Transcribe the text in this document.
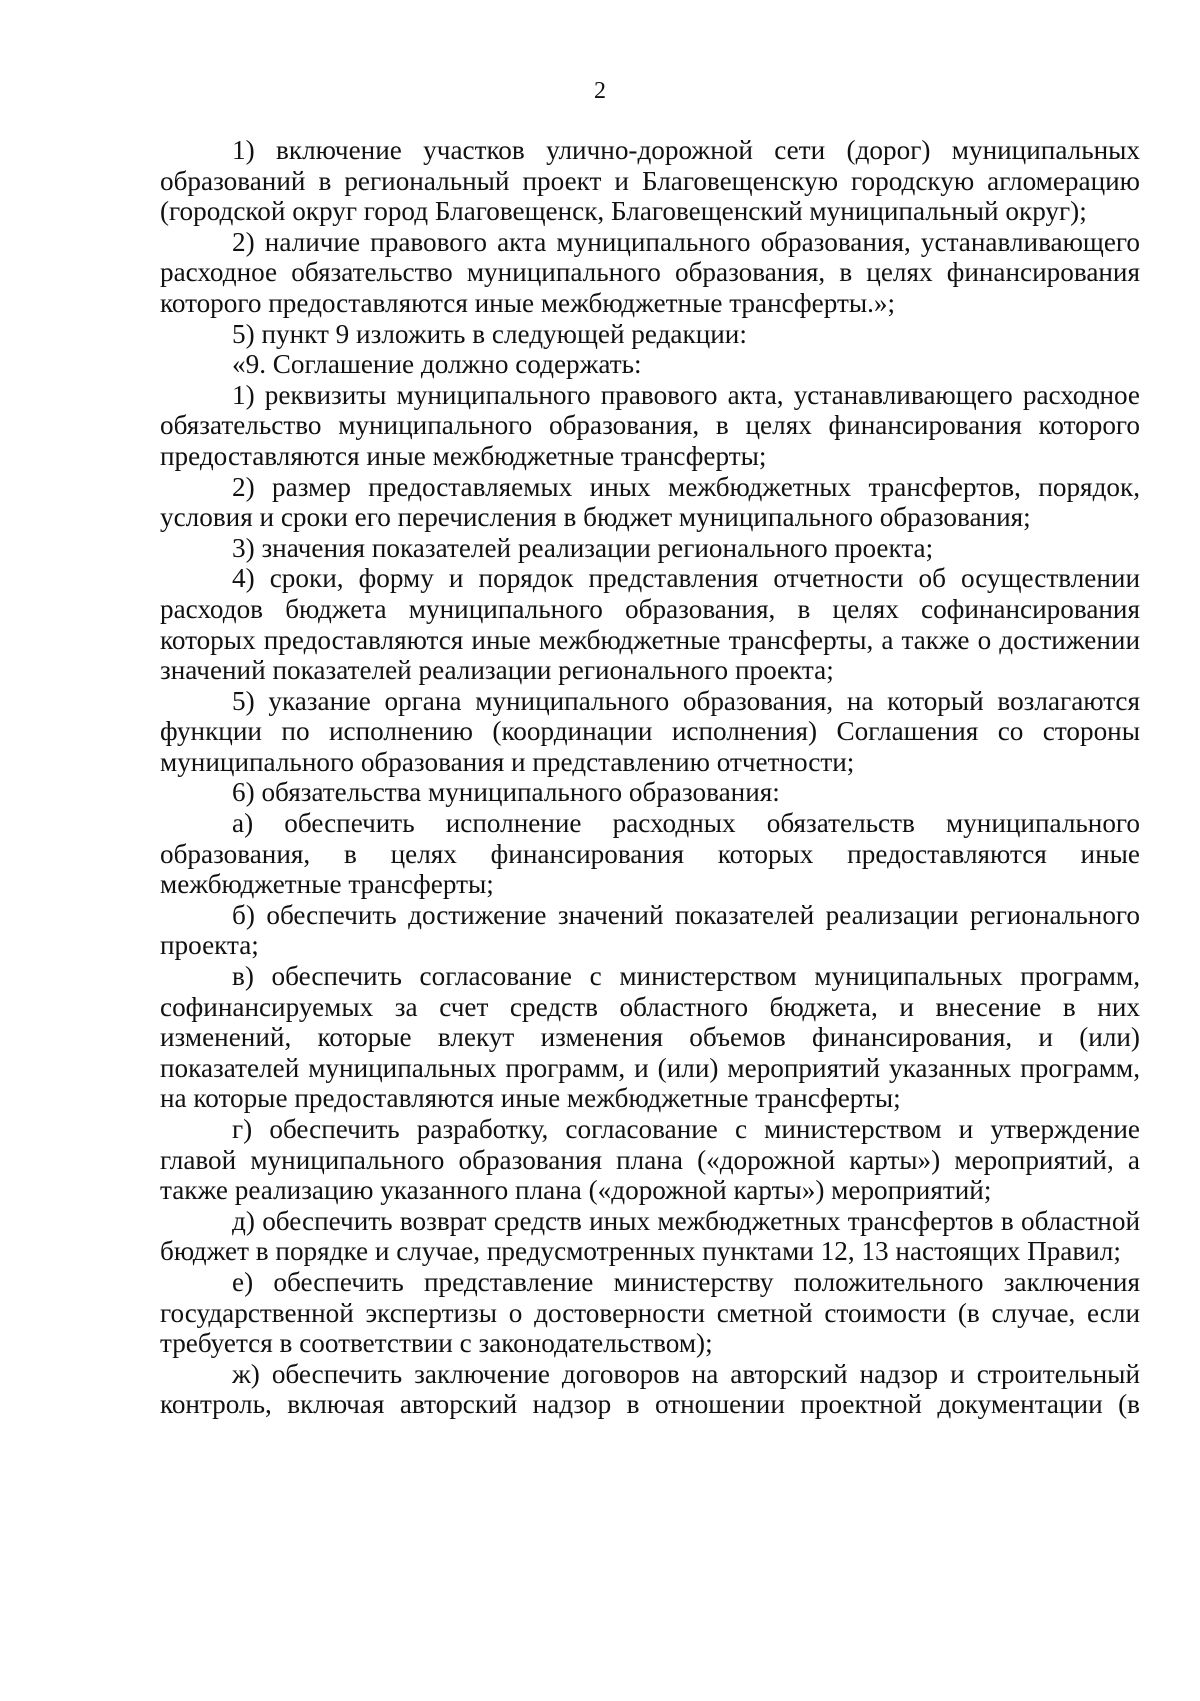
2

1) включение участков улично-дорожной сети (дорог) муниципальных образований в региональный проект и Благовещенскую городскую агломерацию (городской округ город Благовещенск, Благовещенский муниципальный округ);

2) наличие правового акта муниципального образования, устанавливающего расходное обязательство муниципального образования, в целях финансирования которого предоставляются иные межбюджетные трансферты.»;

5) пункт 9 изложить в следующей редакции:

«9. Соглашение должно содержать:

1) реквизиты муниципального правового акта, устанавливающего расходное обязательство муниципального образования, в целях финансирования которого предоставляются иные межбюджетные трансферты;

2) размер предоставляемых иных межбюджетных трансфертов, порядок, условия и сроки его перечисления в бюджет муниципального образования;

3) значения показателей реализации регионального проекта;

4) сроки, форму и порядок представления отчетности об осуществлении расходов бюджета муниципального образования, в целях софинансирования которых предоставляются иные межбюджетные трансферты, а также о достижении значений показателей реализации регионального проекта;

5) указание органа муниципального образования, на который возлагаются функции по исполнению (координации исполнения) Соглашения со стороны муниципального образования и представлению отчетности;

6) обязательства муниципального образования:

а) обеспечить исполнение расходных обязательств муниципального образования, в целях финансирования которых предоставляются иные межбюджетные трансферты;

б) обеспечить достижение значений показателей реализации регионального проекта;

в) обеспечить согласование с министерством муниципальных программ, софинансируемых за счет средств областного бюджета, и внесение в них изменений, которые влекут изменения объемов финансирования, и (или) показателей муниципальных программ, и (или) мероприятий указанных программ, на которые предоставляются иные межбюджетные трансферты;

г) обеспечить разработку, согласование с министерством и утверждение главой муниципального образования плана («дорожной карты») мероприятий, а также реализацию указанного плана («дорожной карты») мероприятий;

д) обеспечить возврат средств иных межбюджетных трансфертов в областной бюджет в порядке и случае, предусмотренных пунктами 12, 13 настоящих Правил;

е) обеспечить представление министерству положительного заключения государственной экспертизы о достоверности сметной стоимости (в случае, если требуется в соответствии с законодательством);

ж) обеспечить заключение договоров на авторский надзор и строительный контроль, включая авторский надзор в отношении проектной документации (в
